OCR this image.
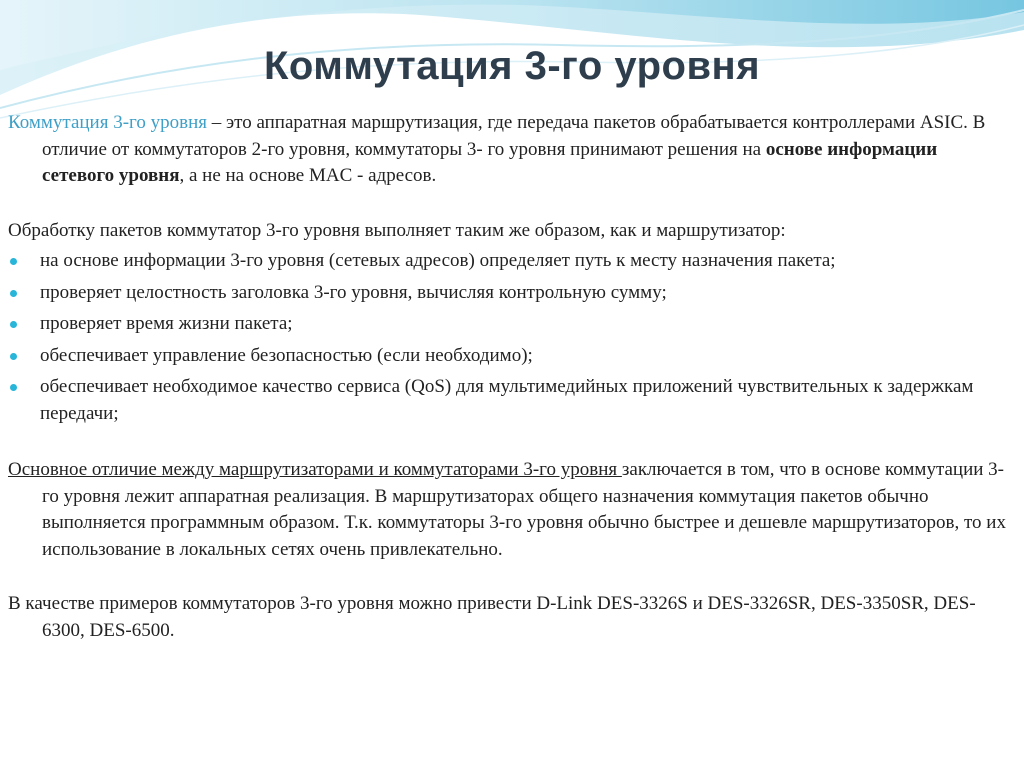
Коммутация 3-го уровня

Коммутация 3-го уровня – это аппаратная маршрутизация, где передача пакетов обрабатывается контроллерами ASIC. В отличие от коммутаторов 2-го уровня, коммутаторы 3- го уровня принимают решения на основе информации сетевого уровня, а не на основе MAC - адресов.

Обработку пакетов коммутатор 3-го уровня выполняет таким же образом, как и маршрутизатор:

на основе информации 3-го уровня (сетевых адресов) определяет путь к месту назначения пакета;
проверяет целостность заголовка 3-го уровня, вычисляя контрольную сумму;
проверяет время жизни пакета;
обеспечивает управление безопасностью (если необходимо);
обеспечивает необходимое качество сервиса (QoS) для мультимедийных приложений чувствительных к задержкам передачи;

Основное отличие между маршрутизаторами и коммутаторами 3-го уровня заключается в том, что в основе коммутации 3-го уровня лежит аппаратная реализация. В маршрутизаторах общего назначения коммутация пакетов обычно выполняется программным образом. Т.к. коммутаторы 3-го уровня обычно быстрее и дешевле маршрутизаторов, то их использование в локальных сетях очень привлекательно.

В качестве примеров коммутаторов 3-го уровня можно привести D-Link DES-3326S и DES-3326SR, DES-3350SR, DES-6300, DES-6500.
